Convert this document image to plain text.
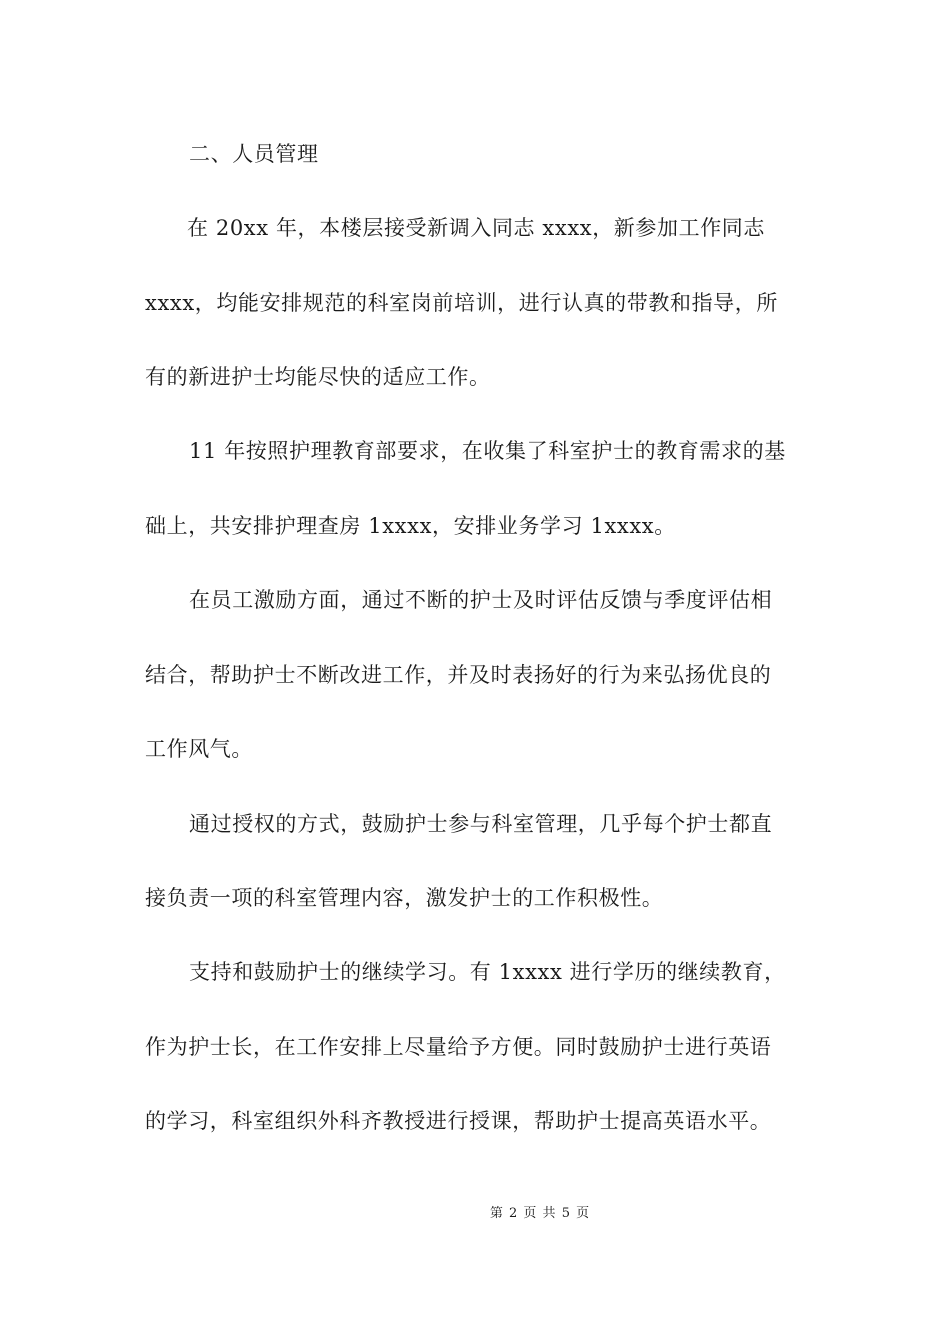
二、人员管理
在 20xx 年，本楼层接受新调入同志 xxxx，新参加工作同志
xxxx，均能安排规范的科室岗前培训，进行认真的带教和指导，所
有的新进护士均能尽快的适应工作。
11 年按照护理教育部要求，在收集了科室护士的教育需求的基
础上，共安排护理查房 1xxxx，安排业务学习 1xxxx。
在员工激励方面，通过不断的护士及时评估反馈与季度评估相
结合，帮助护士不断改进工作，并及时表扬好的行为来弘扬优良的
工作风气。
通过授权的方式，鼓励护士参与科室管理，几乎每个护士都直
接负责一项的科室管理内容，激发护士的工作积极性。
支持和鼓励护士的继续学习。有 1xxxx 进行学历的继续教育，
作为护士长，在工作安排上尽量给予方便。同时鼓励护士进行英语
的学习，科室组织外科齐教授进行授课，帮助护士提高英语水平。
第 2 页 共 5 页
